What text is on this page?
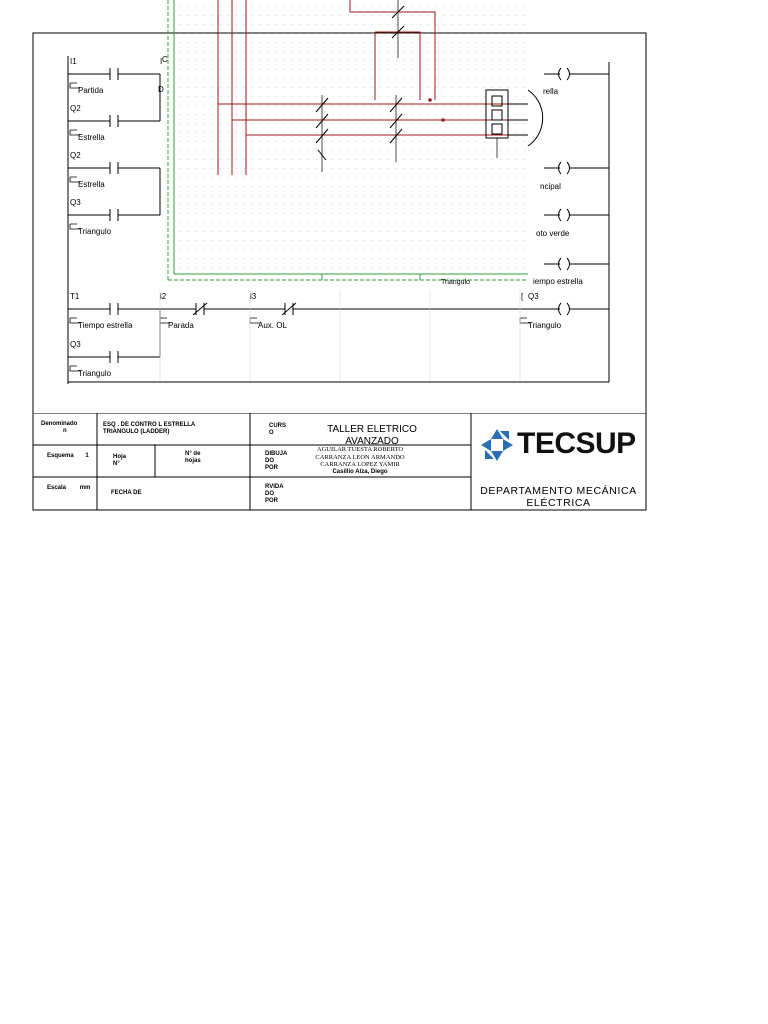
I1
Partida
Q2
Estrella
Q2
Estrella
Q3
Triangulo
I
D	rella
ncipal
oto verde
iempo estrella
Triangulo
C
T1
Tiempo estrella
i2
Parada
i3
Aux. OL
[ Q3
Triangulo
Q3
Triangulo
Denominado
n
ESQ . DE CONTRO L ESTRELLA
TRIANGULO (LADDER)
Esquema 1	Hoja
N°
N° de
hojas
Escala mm
FECHA DE
CURS
O	TALLER ELETRICO
AVANZADO
DIBUJA
DO
POR
AGUILAR TUESTA ROBERTO
CARRANZA LEON ARMANDO
CARRANZA LOPEZ YAMIR
Casillio Alza, Diego
RVIDA
DO
POR
TECSUP
DEPARTAMENTO MECÁNICA
ELÉCTRICA
